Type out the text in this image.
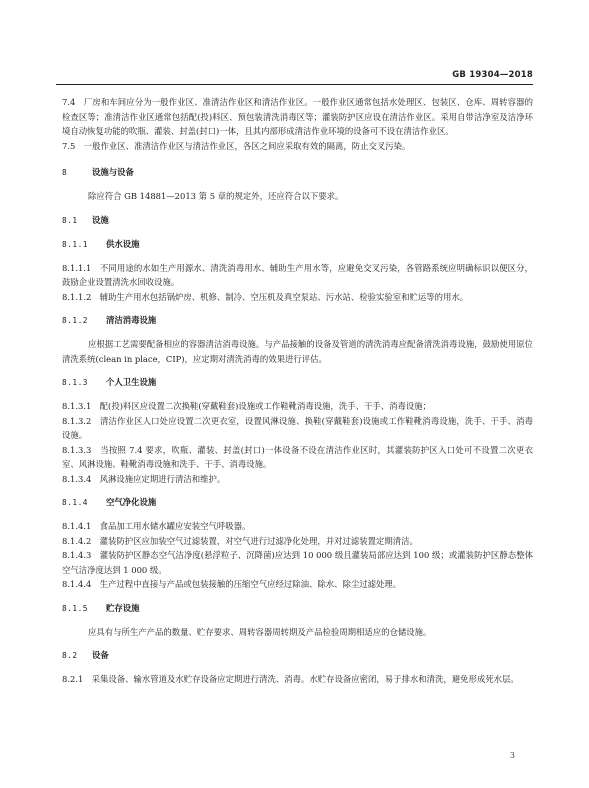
GB 19304—2018

7.4　厂房和车间应分为一般作业区、准清洁作业区和清洁作业区。一般作业区通常包括水处理区、包装区、仓库、周转容器的检查区等；准清洁作业区通常包括配(投)料区、预包装清洗消毒区等；灌装防护区应设在清洁作业区。采用自带洁净室及洁净环境自动恢复功能的吹瓶、灌装、封盖(封口)一体，且其内部形成清洁作业环境的设备可不设在清洁作业区。

7.5　一般作业区、准清洁作业区与清洁作业区，各区之间应采取有效的隔离，防止交叉污染。

8	设施与设备

除应符合 GB 14881—2013 第 5 章的规定外，还应符合以下要求。

8.1 设施
8.1.1 供水设施

8.1.1.1　不同用途的水如生产用源水、清洗消毒用水、辅助生产用水等，应避免交叉污染，各管路系统应明确标识以便区分，鼓励企业设置清洗水回收设施。

8.1.1.2　辅助生产用水包括锅炉房、机修、制冷、空压机及真空泵站、污水站、检验实验室和贮运等的用水。

8.1.2 清洁消毒设施

应根据工艺需要配备相应的容器清洁消毒设施。与产品接触的设备及管道的清洗消毒应配备清洗消毒设施，鼓励使用原位清洗系统(clean in place，CIP)，应定期对清洗消毒的效果进行评估。

8.1.3 个人卫生设施

8.1.3.1　配(投)料区应设置二次换鞋(穿戴鞋套)设施或工作鞋靴消毒设施，洗手、干手、消毒设施；

8.1.3.2　清洁作业区人口处应设置二次更衣室，设置风淋设施、换鞋(穿戴鞋套)设施或工作鞋靴消毒设施，洗手、干手、消毒设施。

8.1.3.3　当按照 7.4 要求，吹瓶、灌装、封盖(封口)一体设备不设在清洁作业区时，其灌装防护区入口处可不设置二次更衣室、风淋设施、鞋靴消毒设施和洗手、干手、消毒设施。

8.1.3.4　风淋设施应定期进行清洁和维护。

8.1.4 空气净化设施

8.1.4.1　食品加工用水储水罐应安装空气呼吸器。

8.1.4.2　灌装防护区应加装空气过滤装置，对空气进行过滤净化处理，并对过滤装置定期清洁。

8.1.4.3　灌装防护区静态空气洁净度(悬浮粒子、沉降菌)应达到 10 000 级且灌装局部应达到 100 级；或灌装防护区静态整体空气洁净度达到 1 000 级。

8.1.4.4　生产过程中直接与产品或包装接触的压缩空气应经过除油、除水、除尘过滤处理。

8.1.5 贮存设施

应具有与所生产产品的数量、贮存要求、周转容器周转期及产品检验周期相适应的仓储设施。

8.2 设备

8.2.1　采集设备、输水管道及水贮存设备应定期进行清洗、消毒。水贮存设备应密闭，易于排水和清洗，避免形成死水层。

3
